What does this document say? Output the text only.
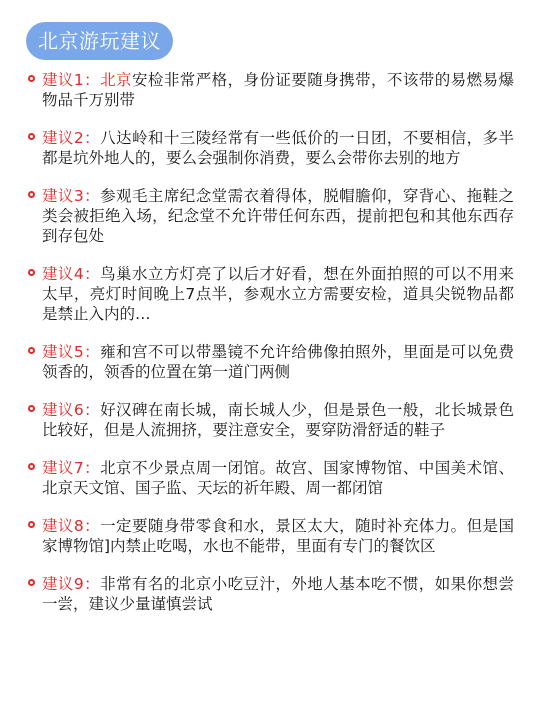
北京游玩建议
建议1：北京安检非常严格，身份证要随身携带，不该带的易燃易爆物品千万别带
建议2：八达岭和十三陵经常有一些低价的一日团，不要相信，多半都是坑外地人的，要么会强制你消费，要么会带你去别的地方
建议3：参观毛主席纪念堂需衣着得体，脱帽膽仰，穿背心、拖鞋之类会被拒绝入场，纪念堂不允许带任何东西，提前把包和其他东西存到存包处
建议4：鸟巢水立方灯亮了以后才好看，想在外面拍照的可以不用来太早，亮灯时间晚上7点半，参观水立方需要安检，道具尖锐物品都是禁止入内的…
建议5：雍和宫不可以带墨镜不允许给佛像拍照外，里面是可以免费领香的，领香的位置在第一道门两侧
建议6：好汉碑在南长城，南长城人少，但是景色一般，北长城景色比较好，但是人流拥挤，要注意安全，要穿防滑舒适的鞋子
建议7：北京不少景点周一闭馆。故宫、国家博物馆、中国美术馆、北京天文馆、国子监、天坛的祈年殿、周一都闭馆
建议8：一定要随身带零食和水，景区太大，随时补充体力。但是国家博物馆]内禁止吃喝，水也不能带，里面有专门的餐饮区
建议9：非常有名的北京小吃豆汁，外地人基本吃不惯，如果你想尝一尝，建议少量谨慎尝试
